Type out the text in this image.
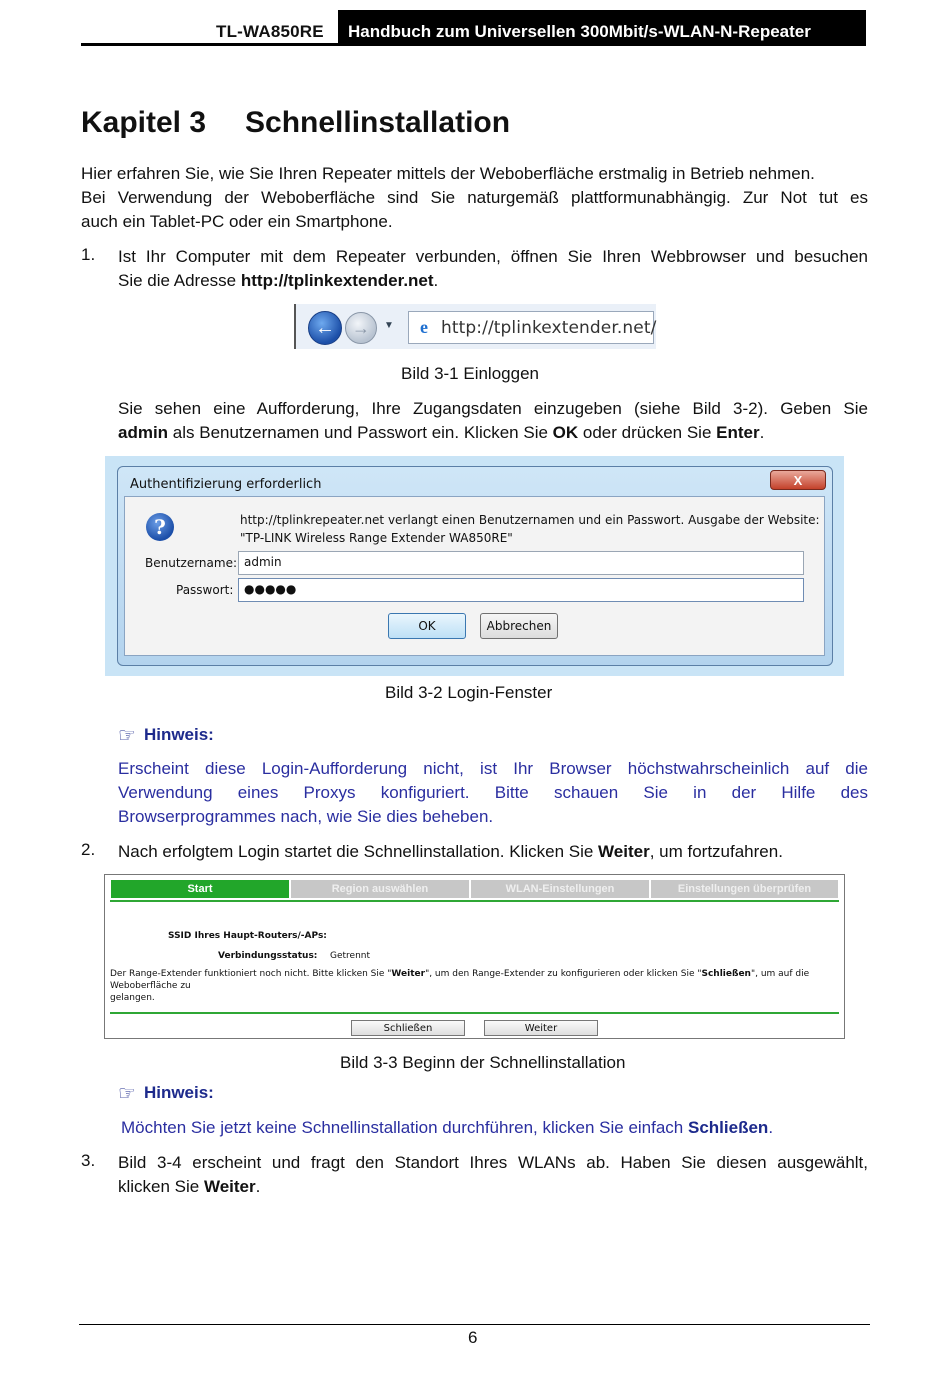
TL-WA850RE Handbuch zum Universellen 300Mbit/s-WLAN-N-Repeater
Kapitel 3 Schnellinstallation
Hier erfahren Sie, wie Sie Ihren Repeater mittels der Weboberfläche erstmalig in Betrieb nehmen.
Bei Verwendung der Weboberfläche sind Sie naturgemäß plattformunabhängig. Zur Not tut es
auch ein Tablet-PC oder ein Smartphone.
1. Ist Ihr Computer mit dem Repeater verbunden, öffnen Sie Ihren Webbrowser und besuchen
Sie die Adresse http://tplinkextender.net.
← →	▼	e http://tplinkextender.net/
Bild 3-1 Einloggen
Sie sehen eine Aufforderung, Ihre Zugangsdaten einzugeben (siehe Bild 3-2). Geben Sie
admin als Benutzernamen und Passwort ein. Klicken Sie OK oder drücken Sie Enter.
Authentifizierung erforderlich	X
?	http://tplinkrepeater.net verlangt einen Benutzernamen und ein Passwort. Ausgabe der Website:
"TP-LINK Wireless Range Extender WA850RE"
Benutzername: admin
Passwort: ●●●●●
OK	Abbrechen
Bild 3-2 Login-Fenster
☞ Hinweis:
Erscheint diese Login-Aufforderung nicht, ist Ihr Browser höchstwahrscheinlich auf die
Verwendung eines Proxys konfiguriert. Bitte schauen Sie in der Hilfe des
Browserprogrammes nach, wie Sie dies beheben.
2. Nach erfolgtem Login startet die Schnellinstallation. Klicken Sie Weiter, um fortzufahren.
Start	Region auswählen	WLAN-Einstellungen	Einstellungen überprüfen
SSID Ihres Haupt-Routers/-APs:
Verbindungsstatus: Getrennt
Der Range-Extender funktioniert noch nicht. Bitte klicken Sie "Weiter", um den Range-Extender zu konfigurieren oder klicken Sie "Schließen", um auf die Weboberfläche zu
gelangen.
Schließen	Weiter
Bild 3-3 Beginn der Schnellinstallation
☞ Hinweis:
Möchten Sie jetzt keine Schnellinstallation durchführen, klicken Sie einfach Schließen.
3. Bild 3-4 erscheint und fragt den Standort Ihres WLANs ab. Haben Sie diesen ausgewählt,
klicken Sie Weiter.
6
